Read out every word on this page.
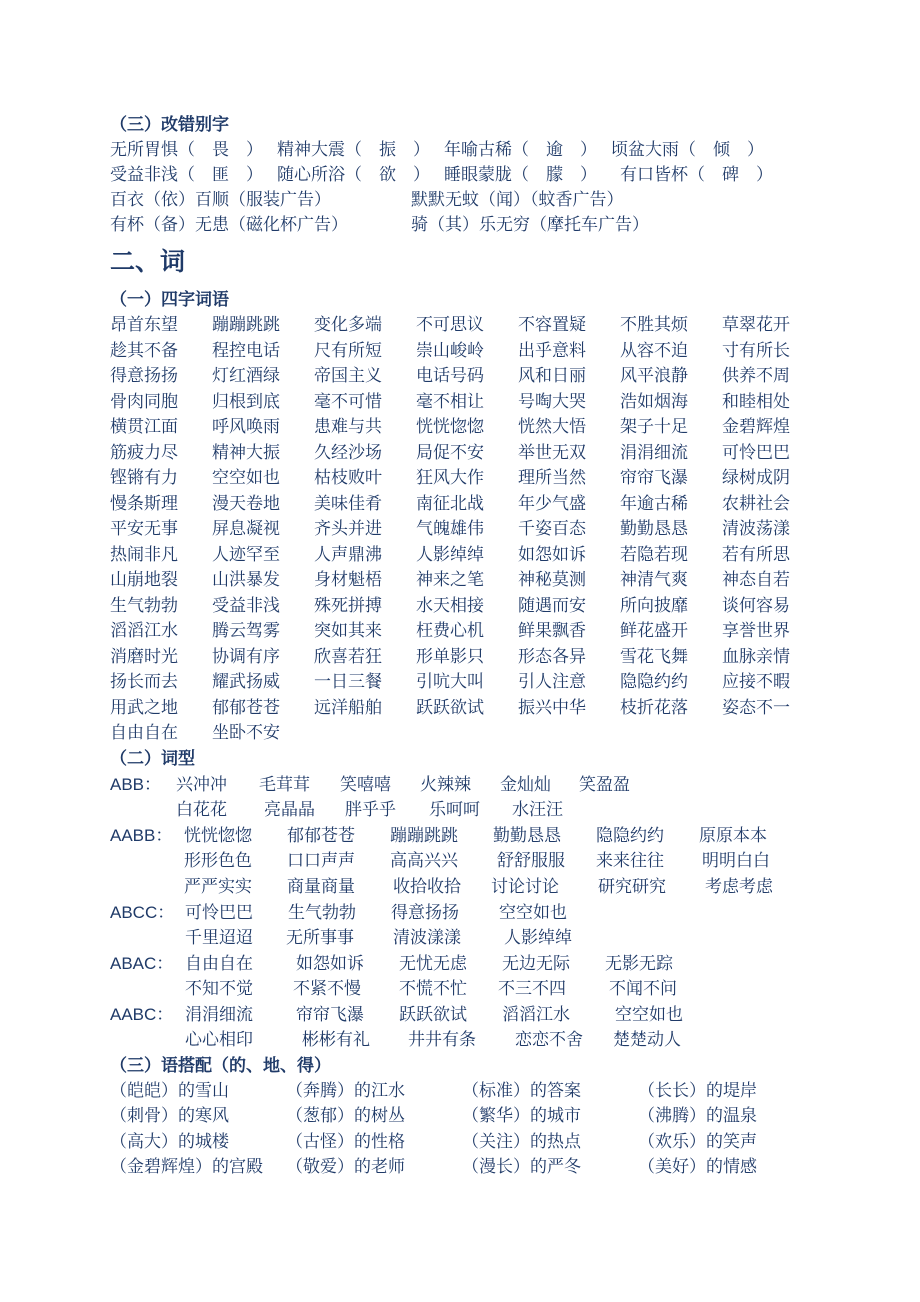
（三）改错别字
无所胃惧（　畏　） 精神大震（　振　） 年喻古稀（　逾　） 顷盆大雨（　倾　）
受益非浅（　匪　） 随心所浴（　欲　） 睡眼蒙胧（　朦　） 有口皆杯（　碑　）
百衣（依）百顺（服装广告）	默默无蚊（闻）（蚊香广告）
有杯（备）无患（磁化杯广告）	骑（其）乐无穷（摩托车广告）
二、词
（一）四字词语
昂首东望 蹦蹦跳跳 变化多端 不可思议 不容置疑 不胜其烦 草翠花开
趁其不备 程控电话 尺有所短 崇山峻岭 出乎意料 从容不迫 寸有所长
得意扬扬 灯红酒绿 帝国主义 电话号码 风和日丽 风平浪静 供养不周
骨肉同胞 归根到底 毫不可惜 毫不相让 号啕大哭 浩如烟海 和睦相处
横贯江面 呼风唤雨 患难与共 恍恍惚惚 恍然大悟 架子十足 金碧辉煌
筋疲力尽 精神大振 久经沙场 局促不安 举世无双 涓涓细流 可怜巴巴
铿锵有力 空空如也 枯枝败叶 狂风大作 理所当然 帘帘飞瀑 绿树成阴
慢条斯理 漫天卷地 美味佳肴 南征北战 年少气盛 年逾古稀 农耕社会
平安无事 屏息凝视 齐头并进 气魄雄伟 千姿百态 勤勤恳恳 清波荡漾
热闹非凡 人迹罕至 人声鼎沸 人影绰绰 如怨如诉 若隐若现 若有所思
山崩地裂 山洪暴发 身材魁梧 神来之笔 神秘莫测 神清气爽 神态自若
生气勃勃 受益非浅 殊死拼搏 水天相接 随遇而安 所向披靡 谈何容易
滔滔江水 腾云驾雾 突如其来 枉费心机 鲜果飘香 鲜花盛开 享誉世界
消磨时光 协调有序 欣喜若狂 形单影只 形态各异 雪花飞舞 血脉亲情
扬长而去 耀武扬威 一日三餐 引吭大叫 引人注意 隐隐约约 应接不暇
用武之地 郁郁苍苍 远洋船舶 跃跃欲试 振兴中华 枝折花落 姿态不一
自由自在 坐卧不安
（二）词型
ABB： 兴冲冲 毛茸茸 笑嘻嘻 火辣辣 金灿灿 笑盈盈
白花花 亮晶晶 胖乎乎 乐呵呵 水汪汪
AABB： 恍恍惚惚 郁郁苍苍 蹦蹦跳跳 勤勤恳恳 隐隐约约 原原本本
形形色色 口口声声 高高兴兴 舒舒服服 来来往往 明明白白
严严实实 商量商量 收拾收拾 讨论讨论 研究研究 考虑考虑
ABCC： 可怜巴巴 生气勃勃 得意扬扬 空空如也
千里迢迢 无所事事 清波漾漾	人影绰绰
ABAC： 自由自在	如怨如诉 无忧无虑 无边无际 无影无踪
不知不觉 不紧不慢 不慌不忙 不三不四	不闻不问
AABC： 涓涓细流	帘帘飞瀑 跃跃欲试 滔滔江水	空空如也
心心相印	彬彬有礼 井井有条 恋恋不舍 楚楚动人
（三）语搭配（的、地、得）
（皑皑）的雪山	（奔腾）的江水	（标准）的答案	（长长）的堤岸
（刺骨）的寒风	（葱郁）的树丛	（繁华）的城市	（沸腾）的温泉
（高大）的城楼	（古怪）的性格	（关注）的热点	（欢乐）的笑声
（金碧辉煌）的宫殿 （敬爱）的老师	（漫长）的严冬	（美好）的情感
